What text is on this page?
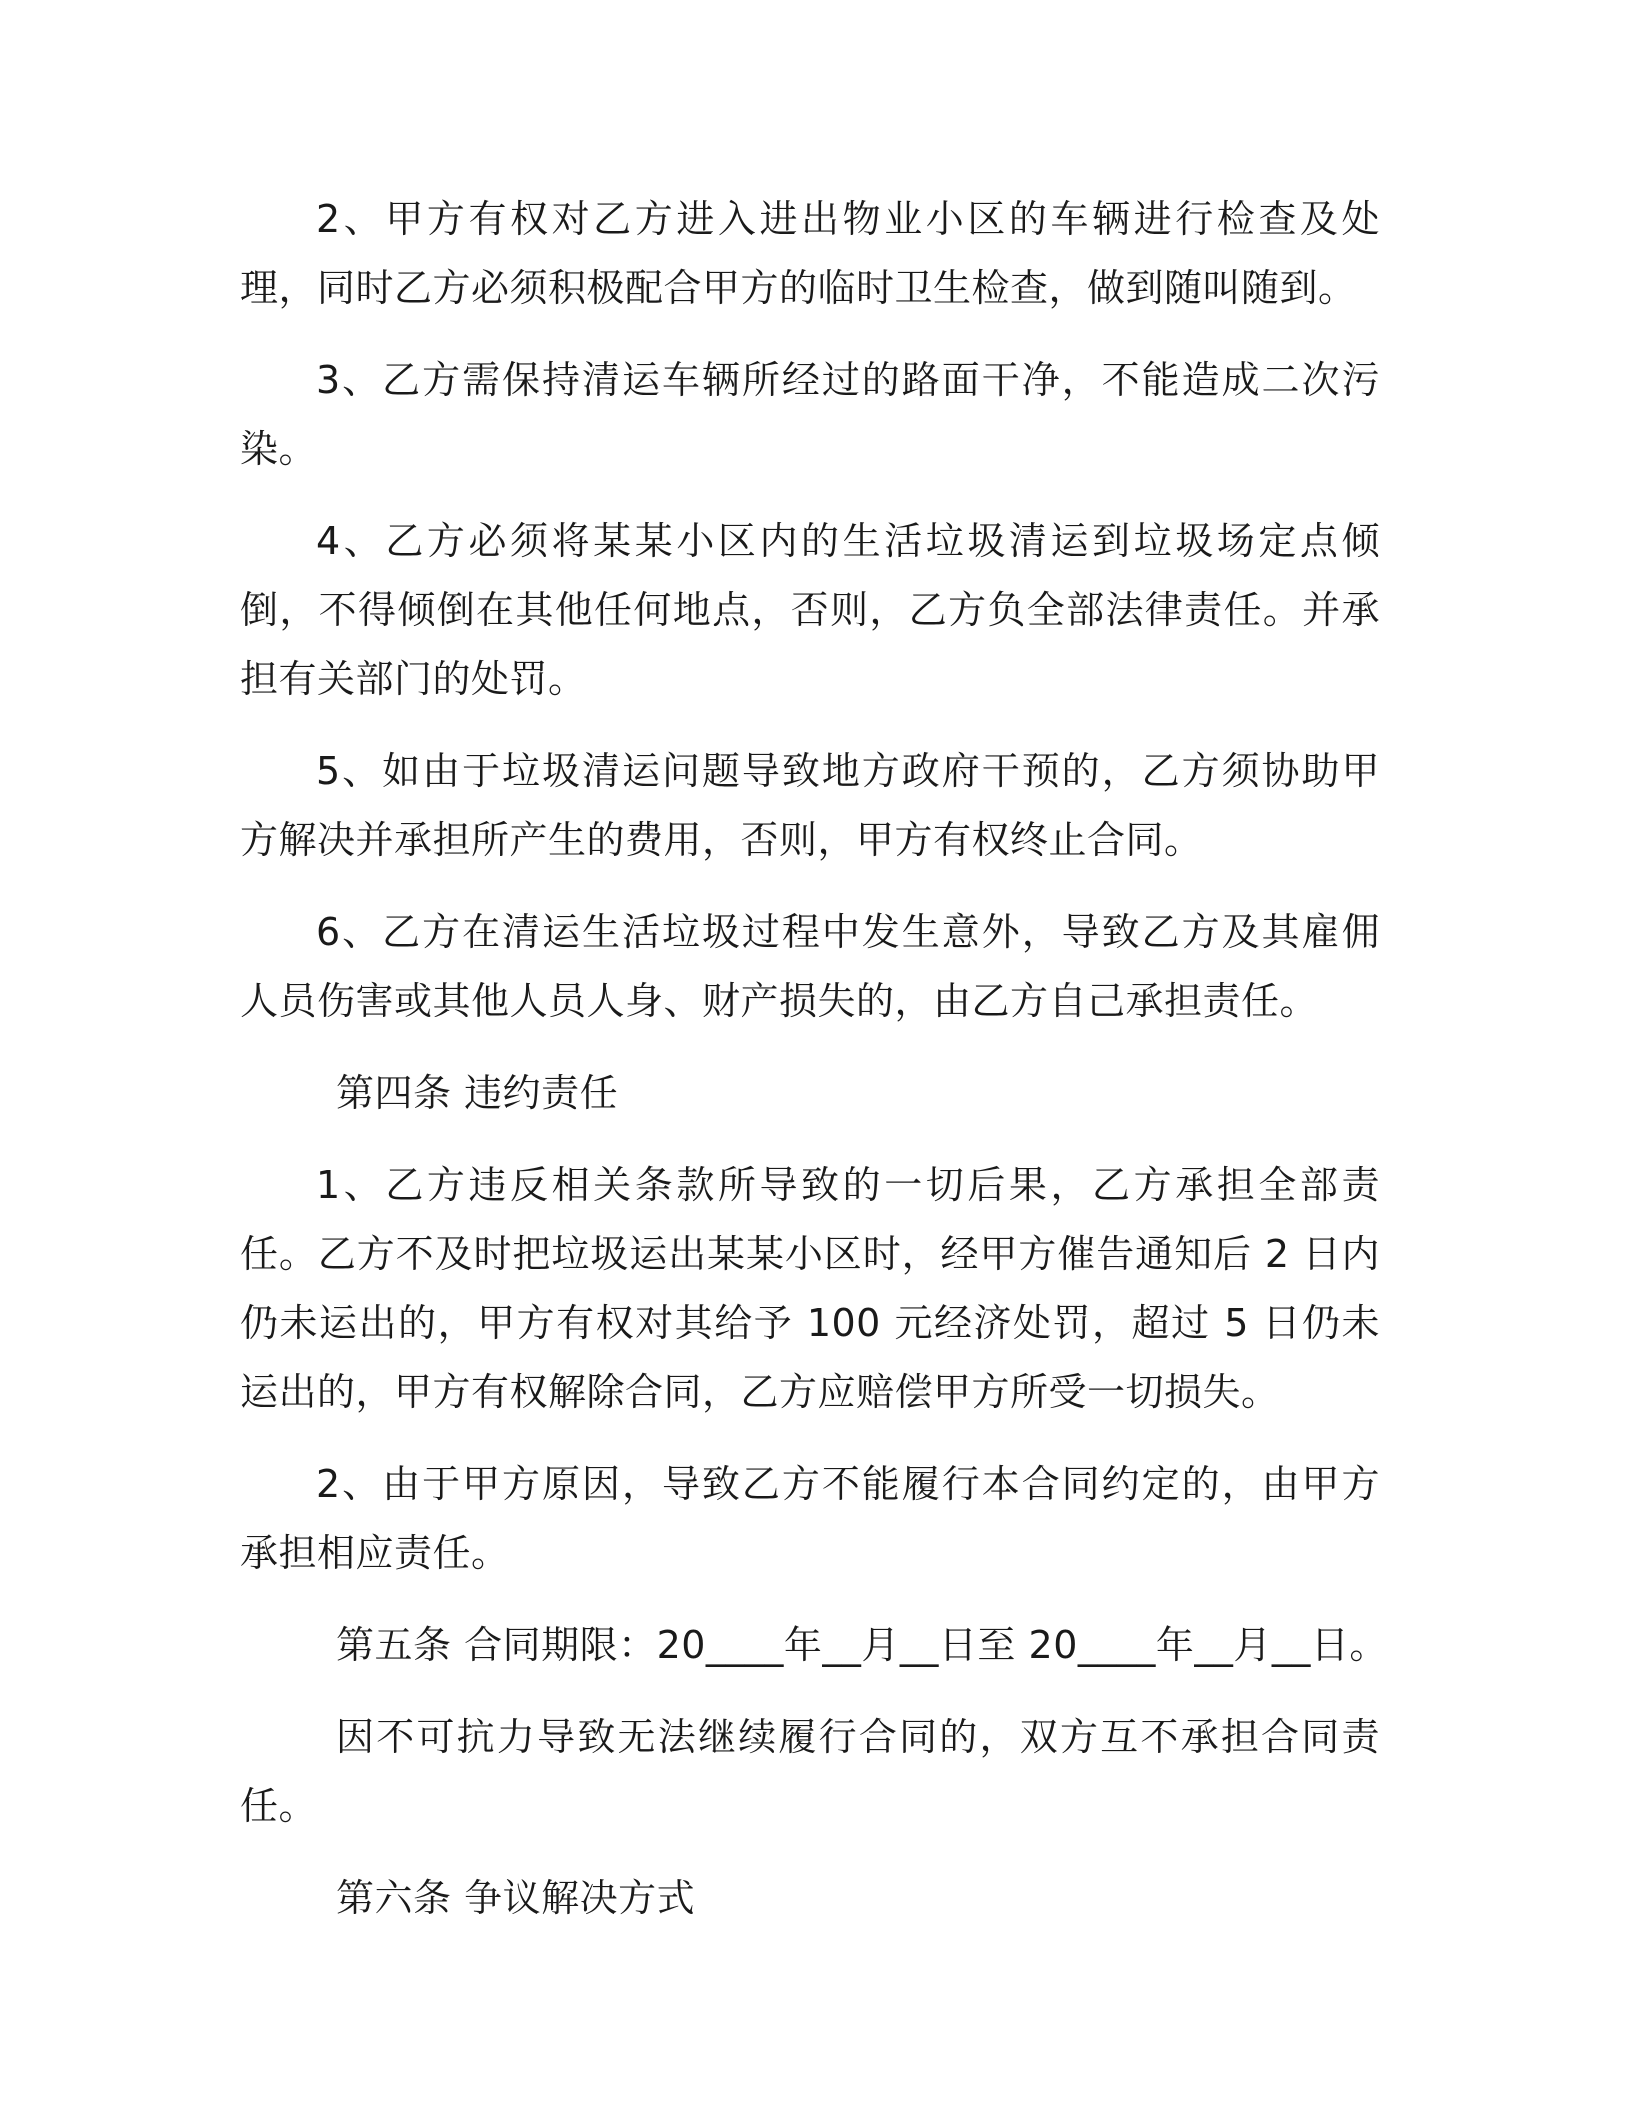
2、甲方有权对乙方进入进出物业小区的车辆进行检查及处理，同时乙方必须积极配合甲方的临时卫生检查，做到随叫随到。

3、乙方需保持清运车辆所经过的路面干净，不能造成二次污染。

4、乙方必须将某某小区内的生活垃圾清运到垃圾场定点倾倒，不得倾倒在其他任何地点，否则，乙方负全部法律责任。并承担有关部门的处罚。

5、如由于垃圾清运问题导致地方政府干预的，乙方须协助甲方解决并承担所产生的费用，否则，甲方有权终止合同。

6、乙方在清运生活垃圾过程中发生意外，导致乙方及其雇佣人员伤害或其他人员人身、财产损失的，由乙方自己承担责任。

第四条 违约责任

1、乙方违反相关条款所导致的一切后果，乙方承担全部责任。乙方不及时把垃圾运出某某小区时，经甲方催告通知后 2 日内仍未运出的，甲方有权对其给予 100 元经济处罚，超过 5 日仍未运出的，甲方有权解除合同，乙方应赔偿甲方所受一切损失。

2、由于甲方原因，导致乙方不能履行本合同约定的，由甲方承担相应责任。

第五条 合同期限：20____年__月__日至 20____年__月__日。

因不可抗力导致无法继续履行合同的，双方互不承担合同责任。

第六条 争议解决方式
